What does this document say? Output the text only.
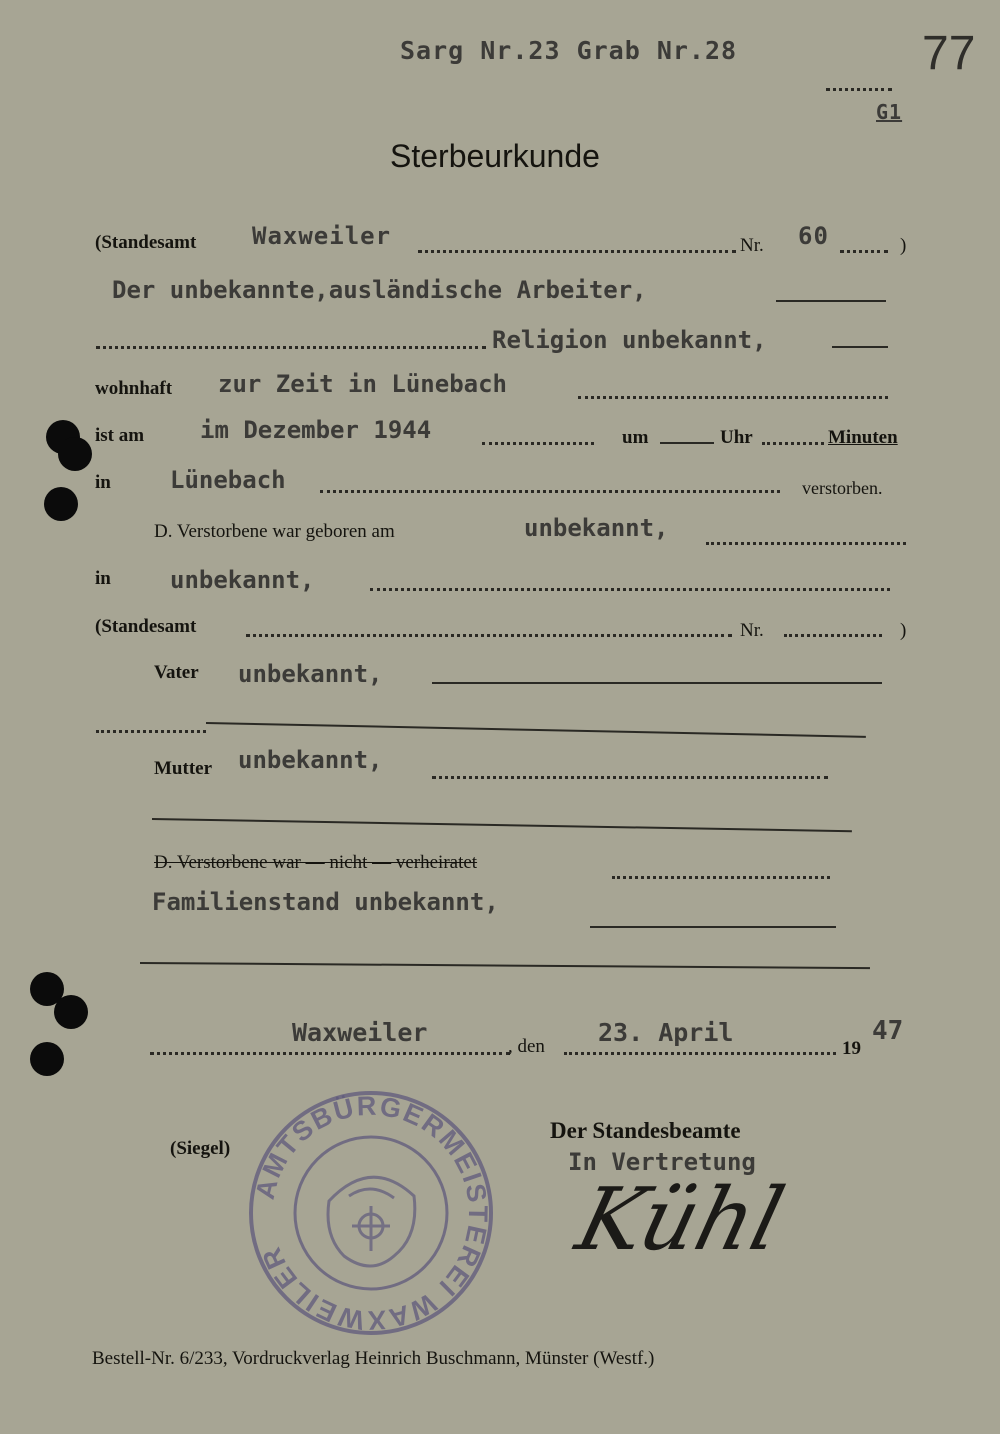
Sarg Nr.23 Grab Nr.28	77
G1
Sterbeurkunde
(Standesamt Waxweiler	Nr. 60	)
Der unbekannte,ausländische Arbeiter,
Religion unbekannt,
wohnhaft zur Zeit in Lünebach
ist am im Dezember 1944	um	Uhr	Minuten
in Lünebach	verstorben.
D. Verstorbene war geboren am	unbekannt,
in unbekannt,
(Standesamt	Nr.	)
Vater unbekannt,
Mutter unbekannt,
D. Verstorbene war — nicht — verheiratet
Familienstand unbekannt,
Waxweiler	, den 23. April
19
47
(Siegel)
AMTSBÜRGERMEISTEREI WAXWEILER
Der Standesbeamte
In Vertretung
Kühl
Bestell-Nr. 6/233, Vordruckverlag Heinrich Buschmann, Münster (Westf.)
